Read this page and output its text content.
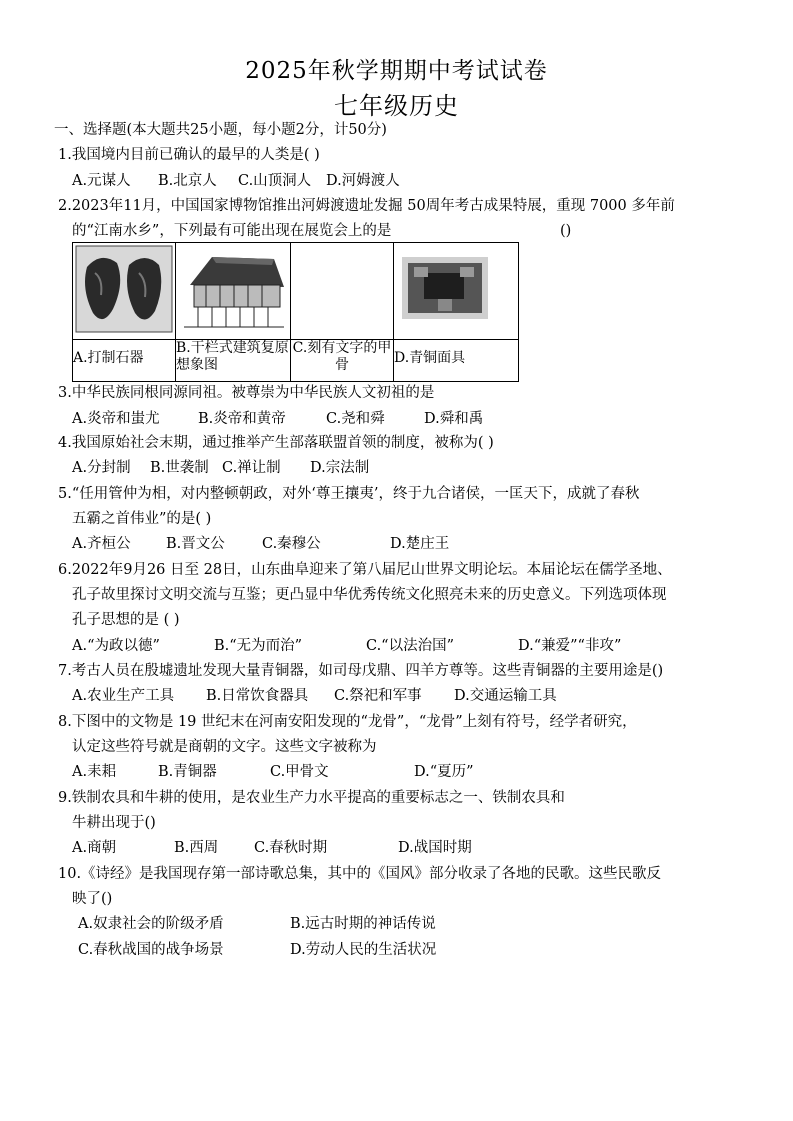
2025年秋学期期中考试试卷
七年级历史
一、选择题(本大题共25小题，每小题2分，计50分)
1.我国境内目前已确认的最早的人类是( )
A.元谋人 B.北京人 C.山顶洞人 D.河姆渡人
2.2023年11月，中国国家博物馆推出河姆渡遗址发掘 50周年考古成果特展，重现 7000 多年前
的“江南水乡”，下列最有可能出现在展览会上的是	()

A.打制石器	B.干栏式建筑复原想象图	C.刻有文字的甲骨	D.青铜面具
3.中华民族同根同源同祖。被尊崇为中华民族人文初祖的是
A.炎帝和蚩尤	B.炎帝和黄帝	C.尧和舜	D.舜和禹
4.我国原始社会末期，通过推举产生部落联盟首领的制度，被称为( )
A.分封制 B.世袭制 C.禅让制 D.宗法制
5.“任用管仲为相，对内整顿朝政，对外‘尊王攘夷’，终于九合诸侯，一匡天下，成就了春秋
五霸之首伟业”的是( )
A.齐桓公 B.晋文公	C.秦穆公	D.楚庄王
6.2022年9月26 日至 28日，山东曲阜迎来了第八届尼山世界文明论坛。本届论坛在儒学圣地、
孔子故里探讨文明交流与互鉴；更凸显中华优秀传统文化照亮未来的历史意义。下列选项体现
孔子思想的是 ( )
A.“为政以德”	B.“无为而治”	C.“以法治国”	D.“兼爱”“非攻”
7.考古人员在殷墟遗址发现大量青铜器，如司母戊鼎、四羊方尊等。这些青铜器的主要用途是()
A.农业生产工具 B.日常饮食器具 C.祭祀和军事 D.交通运输工具
8.下图中的文物是 19 世纪末在河南安阳发现的“龙骨”，“龙骨”上刻有符号，经学者研究，
认定这些符号就是商朝的文字。这些文字被称为
A.耒耜	B.青铜器	C.甲骨文	D.“夏历”
9.铁制农具和牛耕的使用，是农业生产力水平提高的重要标志之一、铁制农具和
牛耕出现于()
A.商朝	B.西周 C.春秋时期	D.战国时期
10.《诗经》是我国现存第一部诗歌总集，其中的《国风》部分收录了各地的民歌。这些民歌反
映了()
A.奴隶社会的阶级矛盾	B.远古时期的神话传说
C.春秋战国的战争场景	D.劳动人民的生活状况
